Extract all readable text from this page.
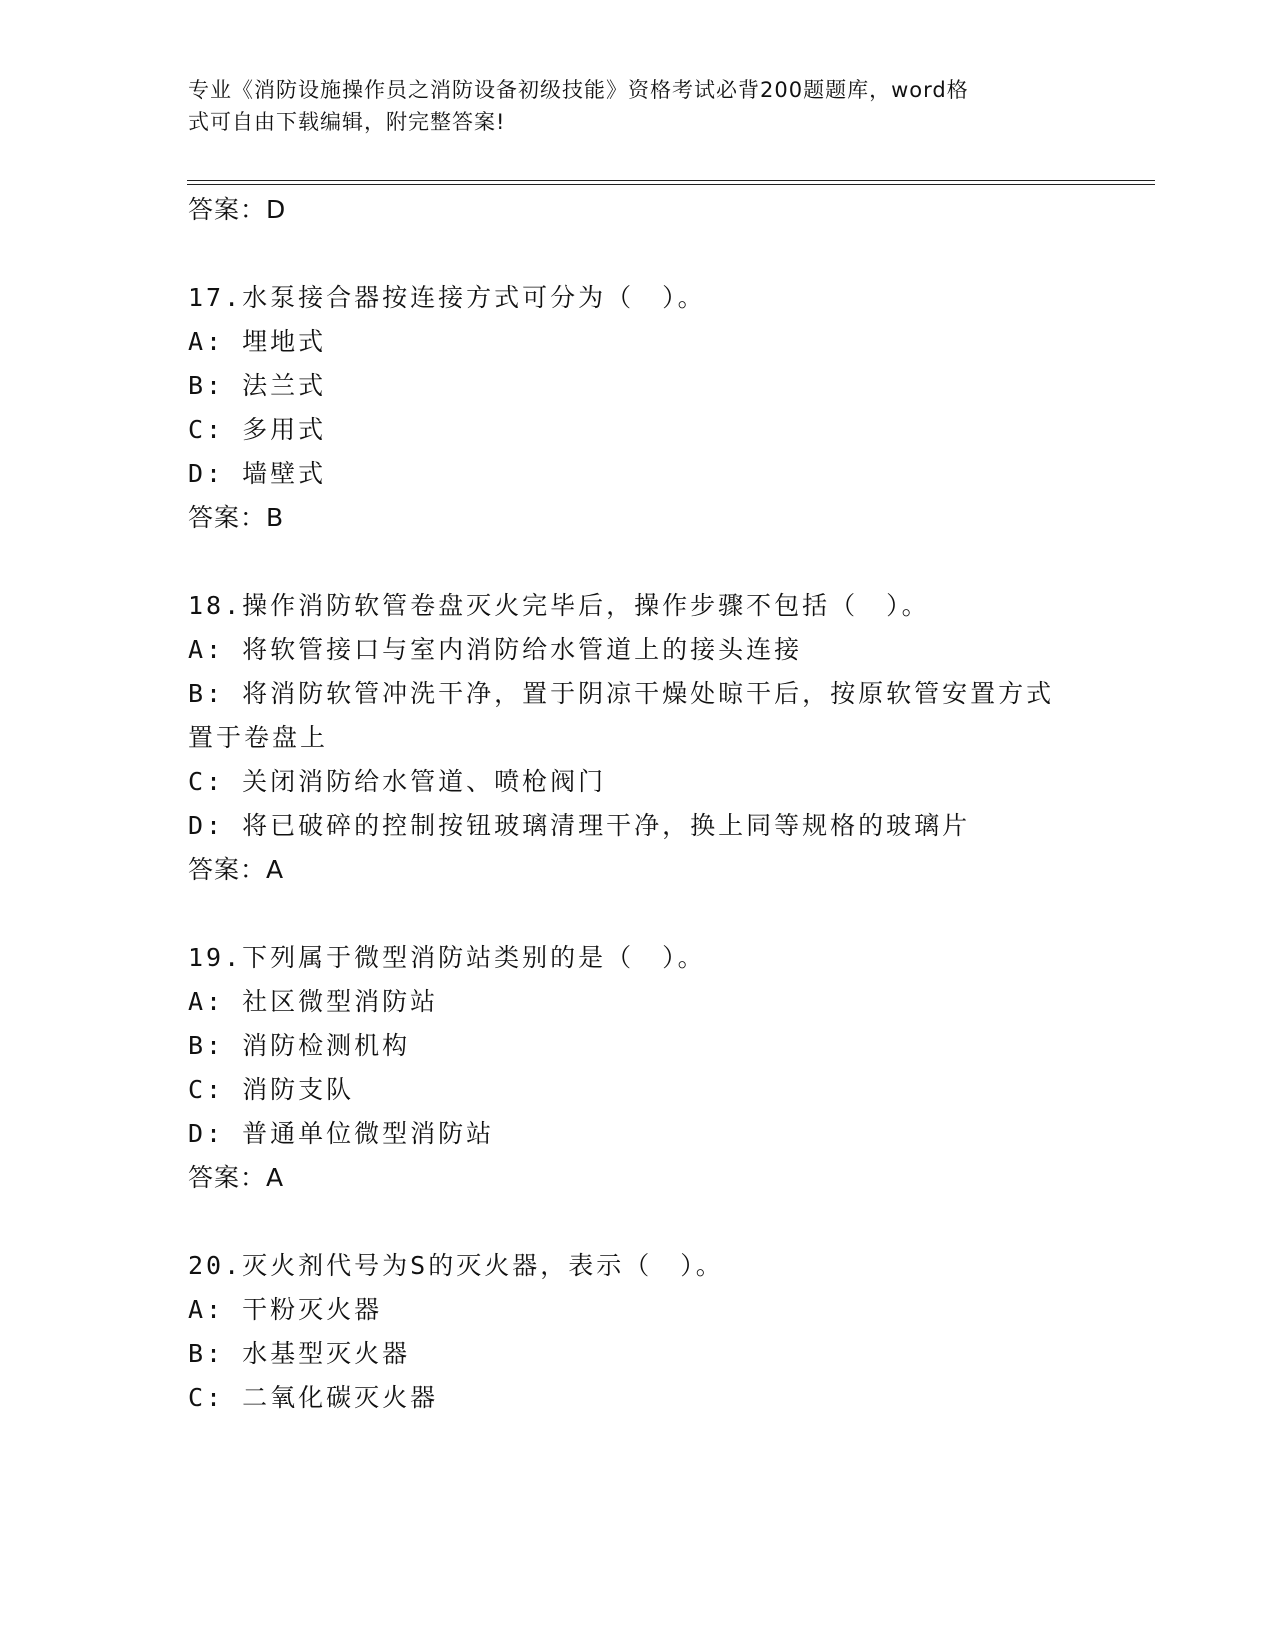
专业《消防设施操作员之消防设备初级技能》资格考试必背200题题库，word格
式可自由下载编辑，附完整答案!
答案：D
17.水泵接合器按连接方式可分为（　）。
A: 埋地式
B: 法兰式
C: 多用式
D: 墙壁式
答案：B
18.操作消防软管卷盘灭火完毕后，操作步骤不包括（　）。
A: 将软管接口与室内消防给水管道上的接头连接
B: 将消防软管冲洗干净，置于阴凉干燥处晾干后，按原软管安置方式
置于卷盘上
C: 关闭消防给水管道、喷枪阀门
D: 将已破碎的控制按钮玻璃清理干净，换上同等规格的玻璃片
答案：A
19.下列属于微型消防站类别的是（　）。
A: 社区微型消防站
B: 消防检测机构
C: 消防支队
D: 普通单位微型消防站
答案：A
20.灭火剂代号为S的灭火器，表示（　）。
A: 干粉灭火器
B: 水基型灭火器
C: 二氧化碳灭火器
